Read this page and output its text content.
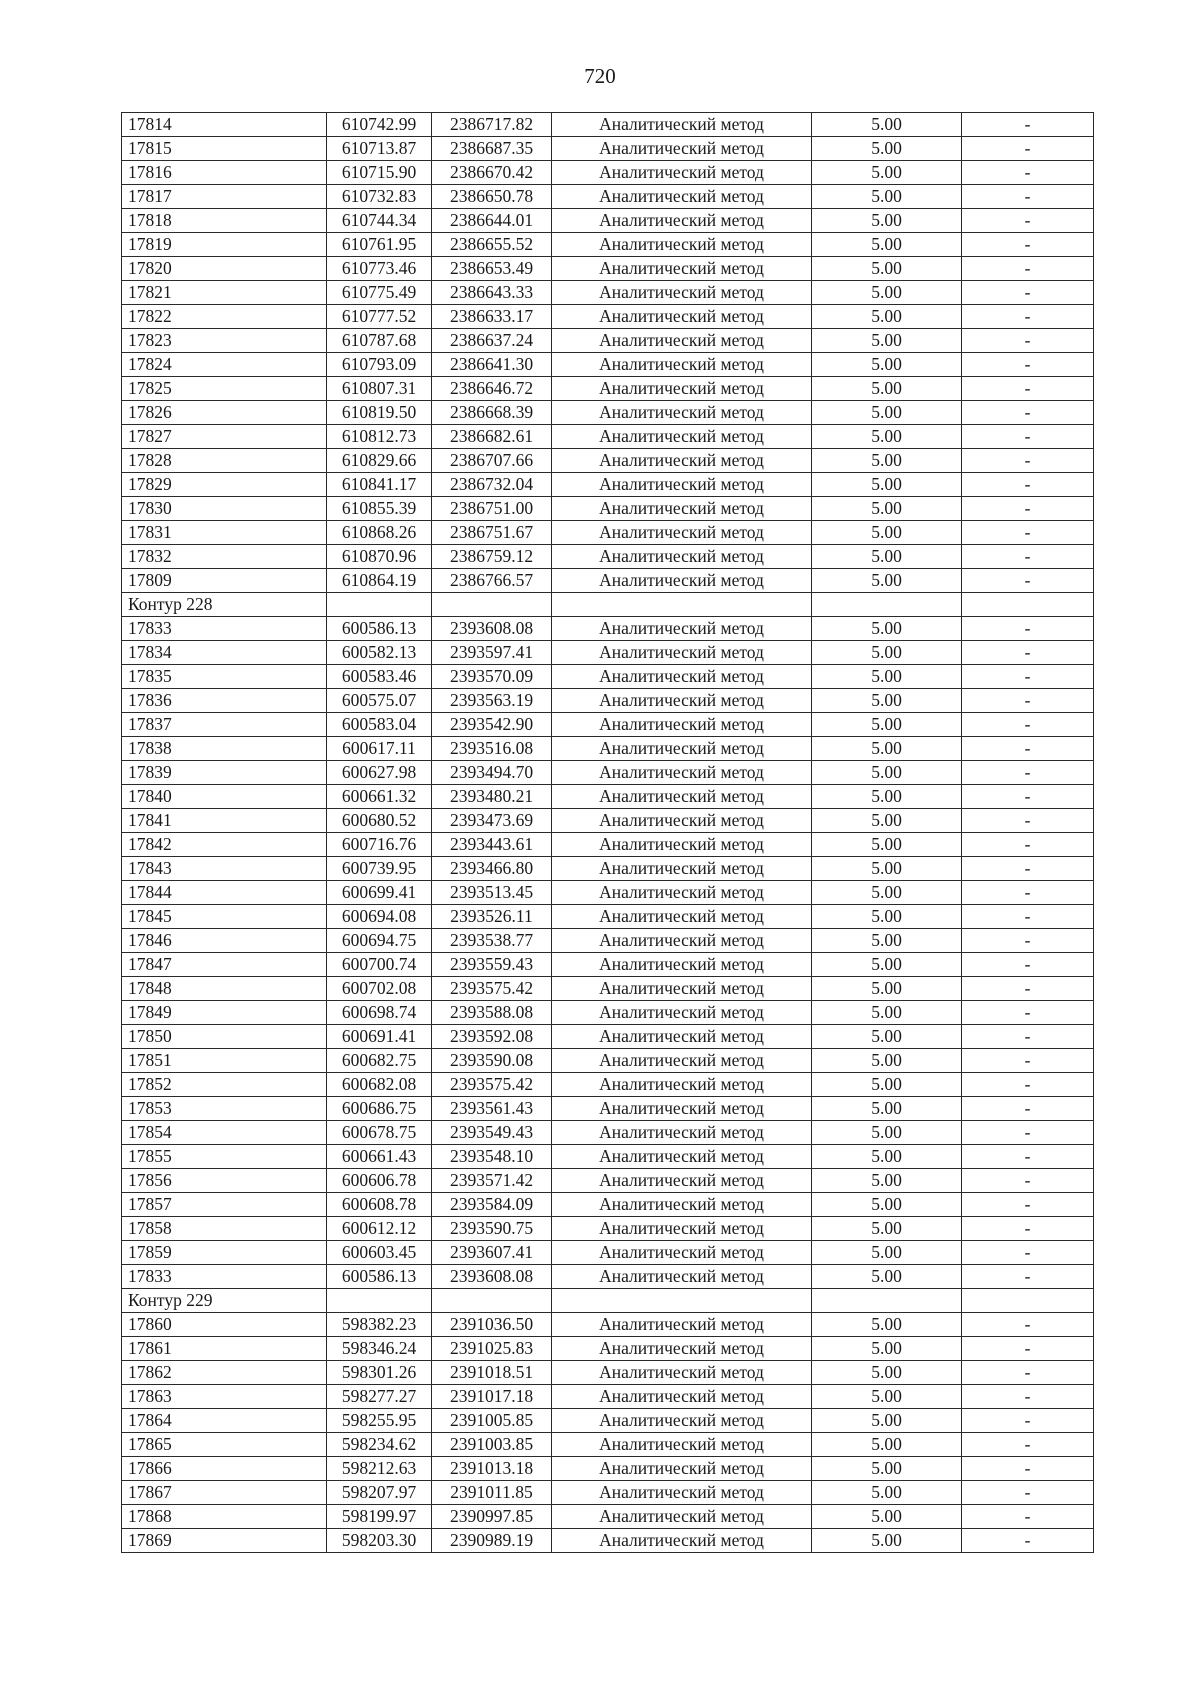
720
17814	610742.99	2386717.82	Аналитический метод	5.00	-
17815	610713.87	2386687.35	Аналитический метод	5.00	-
17816	610715.90	2386670.42	Аналитический метод	5.00	-
17817	610732.83	2386650.78	Аналитический метод	5.00	-
17818	610744.34	2386644.01	Аналитический метод	5.00	-
17819	610761.95	2386655.52	Аналитический метод	5.00	-
17820	610773.46	2386653.49	Аналитический метод	5.00	-
17821	610775.49	2386643.33	Аналитический метод	5.00	-
17822	610777.52	2386633.17	Аналитический метод	5.00	-
17823	610787.68	2386637.24	Аналитический метод	5.00	-
17824	610793.09	2386641.30	Аналитический метод	5.00	-
17825	610807.31	2386646.72	Аналитический метод	5.00	-
17826	610819.50	2386668.39	Аналитический метод	5.00	-
17827	610812.73	2386682.61	Аналитический метод	5.00	-
17828	610829.66	2386707.66	Аналитический метод	5.00	-
17829	610841.17	2386732.04	Аналитический метод	5.00	-
17830	610855.39	2386751.00	Аналитический метод	5.00	-
17831	610868.26	2386751.67	Аналитический метод	5.00	-
17832	610870.96	2386759.12	Аналитический метод	5.00	-
17809	610864.19	2386766.57	Аналитический метод	5.00	-
Контур 228					
17833	600586.13	2393608.08	Аналитический метод	5.00	-
17834	600582.13	2393597.41	Аналитический метод	5.00	-
17835	600583.46	2393570.09	Аналитический метод	5.00	-
17836	600575.07	2393563.19	Аналитический метод	5.00	-
17837	600583.04	2393542.90	Аналитический метод	5.00	-
17838	600617.11	2393516.08	Аналитический метод	5.00	-
17839	600627.98	2393494.70	Аналитический метод	5.00	-
17840	600661.32	2393480.21	Аналитический метод	5.00	-
17841	600680.52	2393473.69	Аналитический метод	5.00	-
17842	600716.76	2393443.61	Аналитический метод	5.00	-
17843	600739.95	2393466.80	Аналитический метод	5.00	-
17844	600699.41	2393513.45	Аналитический метод	5.00	-
17845	600694.08	2393526.11	Аналитический метод	5.00	-
17846	600694.75	2393538.77	Аналитический метод	5.00	-
17847	600700.74	2393559.43	Аналитический метод	5.00	-
17848	600702.08	2393575.42	Аналитический метод	5.00	-
17849	600698.74	2393588.08	Аналитический метод	5.00	-
17850	600691.41	2393592.08	Аналитический метод	5.00	-
17851	600682.75	2393590.08	Аналитический метод	5.00	-
17852	600682.08	2393575.42	Аналитический метод	5.00	-
17853	600686.75	2393561.43	Аналитический метод	5.00	-
17854	600678.75	2393549.43	Аналитический метод	5.00	-
17855	600661.43	2393548.10	Аналитический метод	5.00	-
17856	600606.78	2393571.42	Аналитический метод	5.00	-
17857	600608.78	2393584.09	Аналитический метод	5.00	-
17858	600612.12	2393590.75	Аналитический метод	5.00	-
17859	600603.45	2393607.41	Аналитический метод	5.00	-
17833	600586.13	2393608.08	Аналитический метод	5.00	-
Контур 229					
17860	598382.23	2391036.50	Аналитический метод	5.00	-
17861	598346.24	2391025.83	Аналитический метод	5.00	-
17862	598301.26	2391018.51	Аналитический метод	5.00	-
17863	598277.27	2391017.18	Аналитический метод	5.00	-
17864	598255.95	2391005.85	Аналитический метод	5.00	-
17865	598234.62	2391003.85	Аналитический метод	5.00	-
17866	598212.63	2391013.18	Аналитический метод	5.00	-
17867	598207.97	2391011.85	Аналитический метод	5.00	-
17868	598199.97	2390997.85	Аналитический метод	5.00	-
17869	598203.30	2390989.19	Аналитический метод	5.00	-
